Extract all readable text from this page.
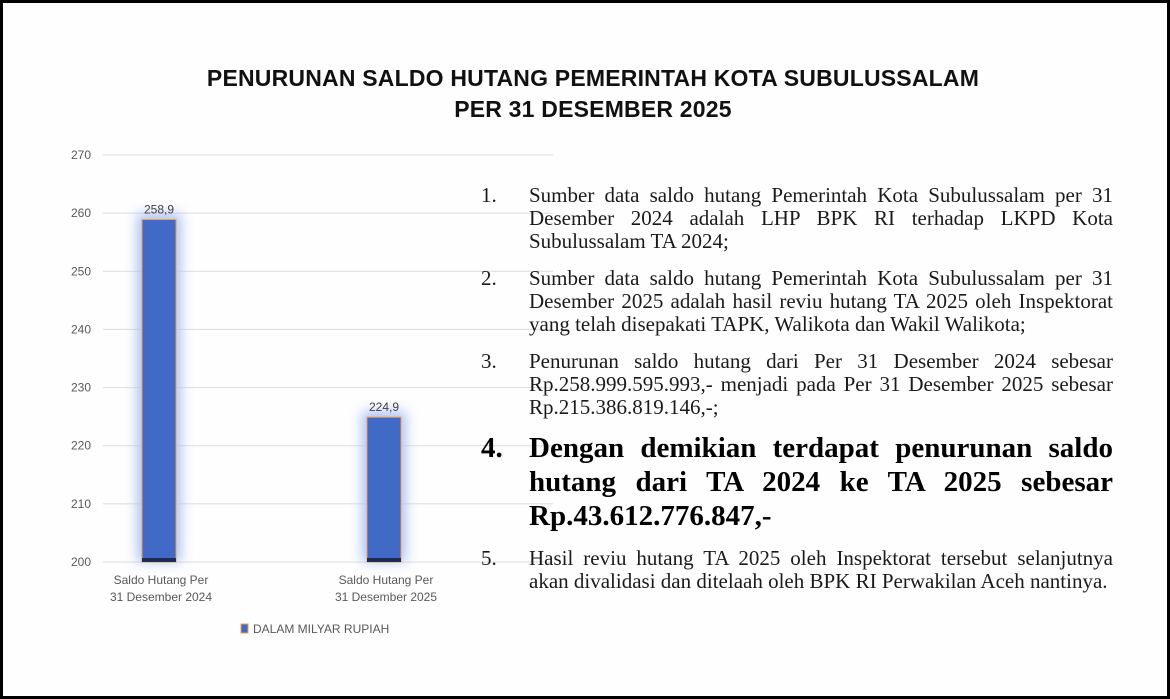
PENURUNAN SALDO HUTANG PEMERINTAH KOTA SUBULUSSALAM
PER 31 DESEMBER 2025
200
210
220
230
240
250
260
270
258,9
Saldo Hutang Per
31 Desember 2024
224,9
Saldo Hutang Per
31 Desember 2025
DALAM MILYAR RUPIAH
1.	Sumber data saldo hutang Pemerintah Kota Subulussalam per 31 Desember 2024 adalah LHP BPK RI terhadap LKPD Kota Subulussalam TA 2024;
2.	Sumber data saldo hutang Pemerintah Kota Subulussalam per 31 Desember 2025 adalah hasil reviu hutang TA 2025 oleh Inspektorat yang telah disepakati TAPK, Walikota dan Wakil Walikota;
3.	Penurunan saldo hutang dari Per 31 Desember 2024 sebesar Rp.258.999.595.993,- menjadi pada Per 31 Desember 2025 sebesar Rp.215.386.819.146,-;
4. Dengan demikian terdapat penurunan saldo hutang dari TA 2024 ke TA 2025 sebesar Rp.43.612.776.847,-
5.	Hasil reviu hutang TA 2025 oleh Inspektorat tersebut selanjutnya akan divalidasi dan ditelaah oleh BPK RI Perwakilan Aceh nantinya.
